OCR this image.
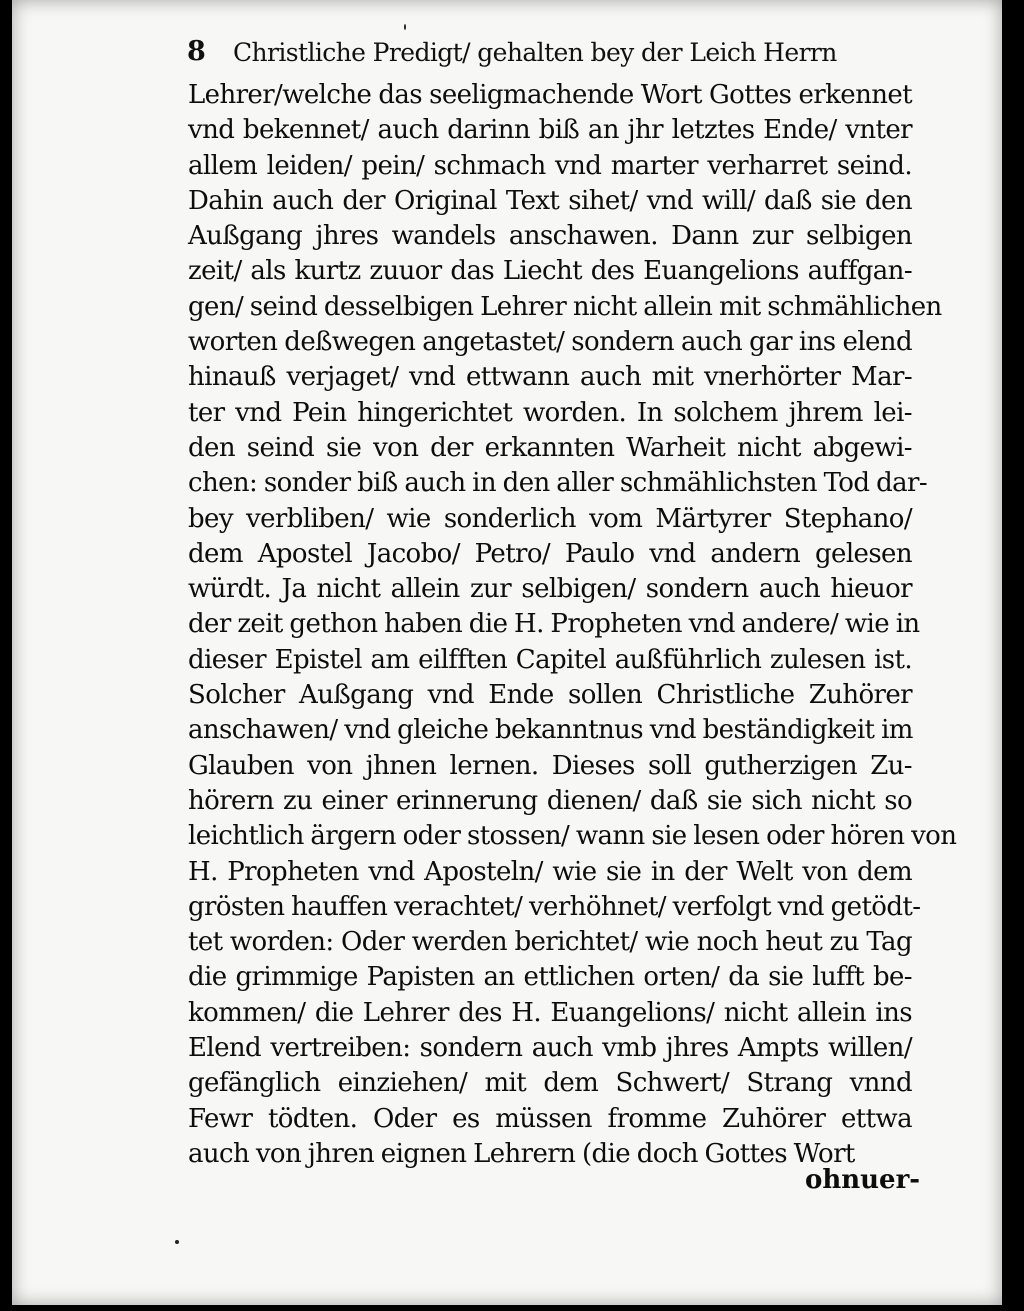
8 Christliche Predigt/ gehalten bey der Leich Herrn
Lehrer/welche das seeligmachende Wort Gottes erkennet
vnd bekennet/ auch darinn biß an jhr letztes Ende/ vnter
allem leiden/ pein/ schmach vnd marter verharret seind.
Dahin auch der Original Text sihet/ vnd will/ daß sie den
Außgang jhres wandels anschawen. Dann zur selbigen
zeit/ als kurtz zuuor das Liecht des Euangelions auffgan-
gen/ seind desselbigen Lehrer nicht allein mit schmählichen
worten deßwegen angetastet/ sondern auch gar ins elend
hinauß verjaget/ vnd ettwann auch mit vnerhörter Mar-
ter vnd Pein hingerichtet worden. In solchem jhrem lei-
den seind sie von der erkannten Warheit nicht abgewi-
chen: sonder biß auch in den aller schmählichsten Tod dar-
bey verbliben/ wie sonderlich vom Märtyrer Stephano/
dem Apostel Jacobo/ Petro/ Paulo vnd andern gelesen
würdt. Ja nicht allein zur selbigen/ sondern auch hieuor
der zeit gethon haben die H. Propheten vnd andere/ wie in
dieser Epistel am eilfften Capitel außführlich zulesen ist.
Solcher Außgang vnd Ende sollen Christliche Zuhörer
anschawen/ vnd gleiche bekanntnus vnd beständigkeit im
Glauben von jhnen lernen. Dieses soll gutherzigen Zu-
hörern zu einer erinnerung dienen/ daß sie sich nicht so
leichtlich ärgern oder stossen/ wann sie lesen oder hören von
H. Propheten vnd Aposteln/ wie sie in der Welt von dem
grösten hauffen verachtet/ verhöhnet/ verfolgt vnd getödt-
tet worden: Oder werden berichtet/ wie noch heut zu Tag
die grimmige Papisten an ettlichen orten/ da sie lufft be-
kommen/ die Lehrer des H. Euangelions/ nicht allein ins
Elend vertreiben: sondern auch vmb jhres Ampts willen/
gefänglich einziehen/ mit dem Schwert/ Strang vnnd
Fewr tödten. Oder es müssen fromme Zuhörer ettwa
auch von jhren eignen Lehrern (die doch Gottes Wort
ohnuer-
